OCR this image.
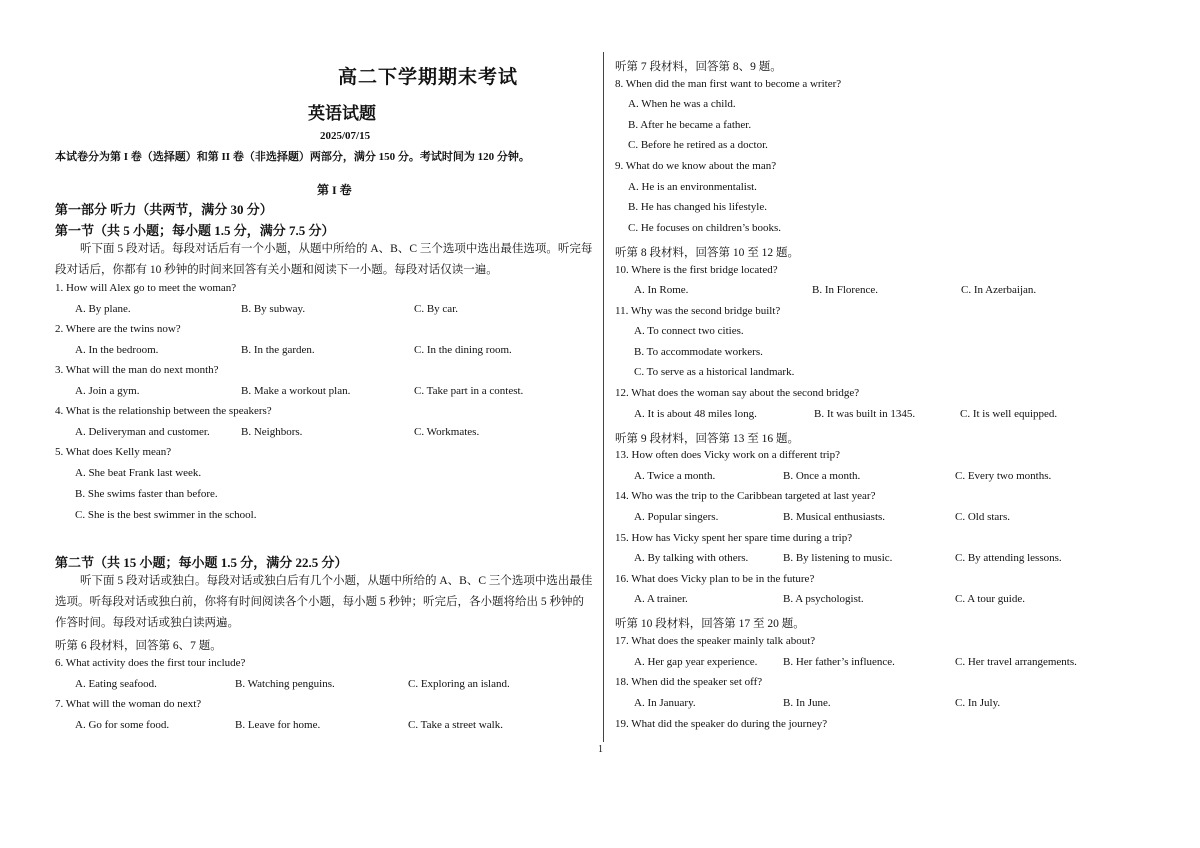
1
高二下学期期末考试
英语试题
2025/07/15
本试卷分为第 I 卷（选择题）和第 II 卷（非选择题）两部分，满分 150 分。考试时间为 120 分钟。
第 I 卷
第一部分 听力（共两节，满分 30 分）
第一节（共 5 小题；每小题 1.5 分，满分 7.5 分）
听下面 5 段对话。每段对话后有一个小题，从题中所给的 A、B、C 三个选项中选出最佳选项。听完每段对话后，你都有 10 秒钟的时间来回答有关小题和阅读下一小题。每段对话仅读一遍。
1. How will Alex go to meet the woman?
A. By plane.	B. By subway.	C. By car.
2. Where are the twins now?
A. In the bedroom.	B. In the garden.	C. In the dining room.
3. What will the man do next month?
A. Join a gym.	B. Make a workout plan.	C. Take part in a contest.
4. What is the relationship between the speakers?
A. Deliveryman and customer.	B. Neighbors.	C. Workmates.
5. What does Kelly mean?
A. She beat Frank last week.
B. She swims faster than before.
C. She is the best swimmer in the school.
第二节（共 15 小题；每小题 1.5 分，满分 22.5 分）
听下面 5 段对话或独白。每段对话或独白后有几个小题，从题中所给的 A、B、C 三个选项中选出最佳选项。听每段对话或独白前，你将有时间阅读各个小题，每小题 5 秒钟；听完后，各小题将给出 5 秒钟的作答时间。每段对话或独白读两遍。
听第 6 段材料，回答第 6、7 题。
6. What activity does the first tour include?
A. Eating seafood.	B. Watching penguins.	C. Exploring an island.
7. What will the woman do next?
A. Go for some food.	B. Leave for home.	C. Take a street walk.
听第 7 段材料，回答第 8、9 题。
8. When did the man first want to become a writer?
A. When he was a child.
B. After he became a father.
C. Before he retired as a doctor.
9. What do we know about the man?
A. He is an environmentalist.
B. He has changed his lifestyle.
C. He focuses on children’s books.
听第 8 段材料，回答第 10 至 12 题。
10. Where is the first bridge located?
A. In Rome.	B. In Florence.	C. In Azerbaijan.
11. Why was the second bridge built?
A. To connect two cities.
B. To accommodate workers.
C. To serve as a historical landmark.
12. What does the woman say about the second bridge?
A. It is about 48 miles long.	B. It was built in 1345.	C. It is well equipped.
听第 9 段材料，回答第 13 至 16 题。
13. How often does Vicky work on a different trip?
A. Twice a month.	B. Once a month.	C. Every two months.
14. Who was the trip to the Caribbean targeted at last year?
A. Popular singers.	B. Musical enthusiasts.	C. Old stars.
15. How has Vicky spent her spare time during a trip?
A. By talking with others.	B. By listening to music.	C. By attending lessons.
16. What does Vicky plan to be in the future?
A. A trainer.	B. A psychologist.	C. A tour guide.
听第 10 段材料，回答第 17 至 20 题。
17. What does the speaker mainly talk about?
A. Her gap year experience. B. Her father’s influence.	C. Her travel arrangements.
18. When did the speaker set off?
A. In January.	B. In June.	C. In July.
19. What did the speaker do during the journey?
